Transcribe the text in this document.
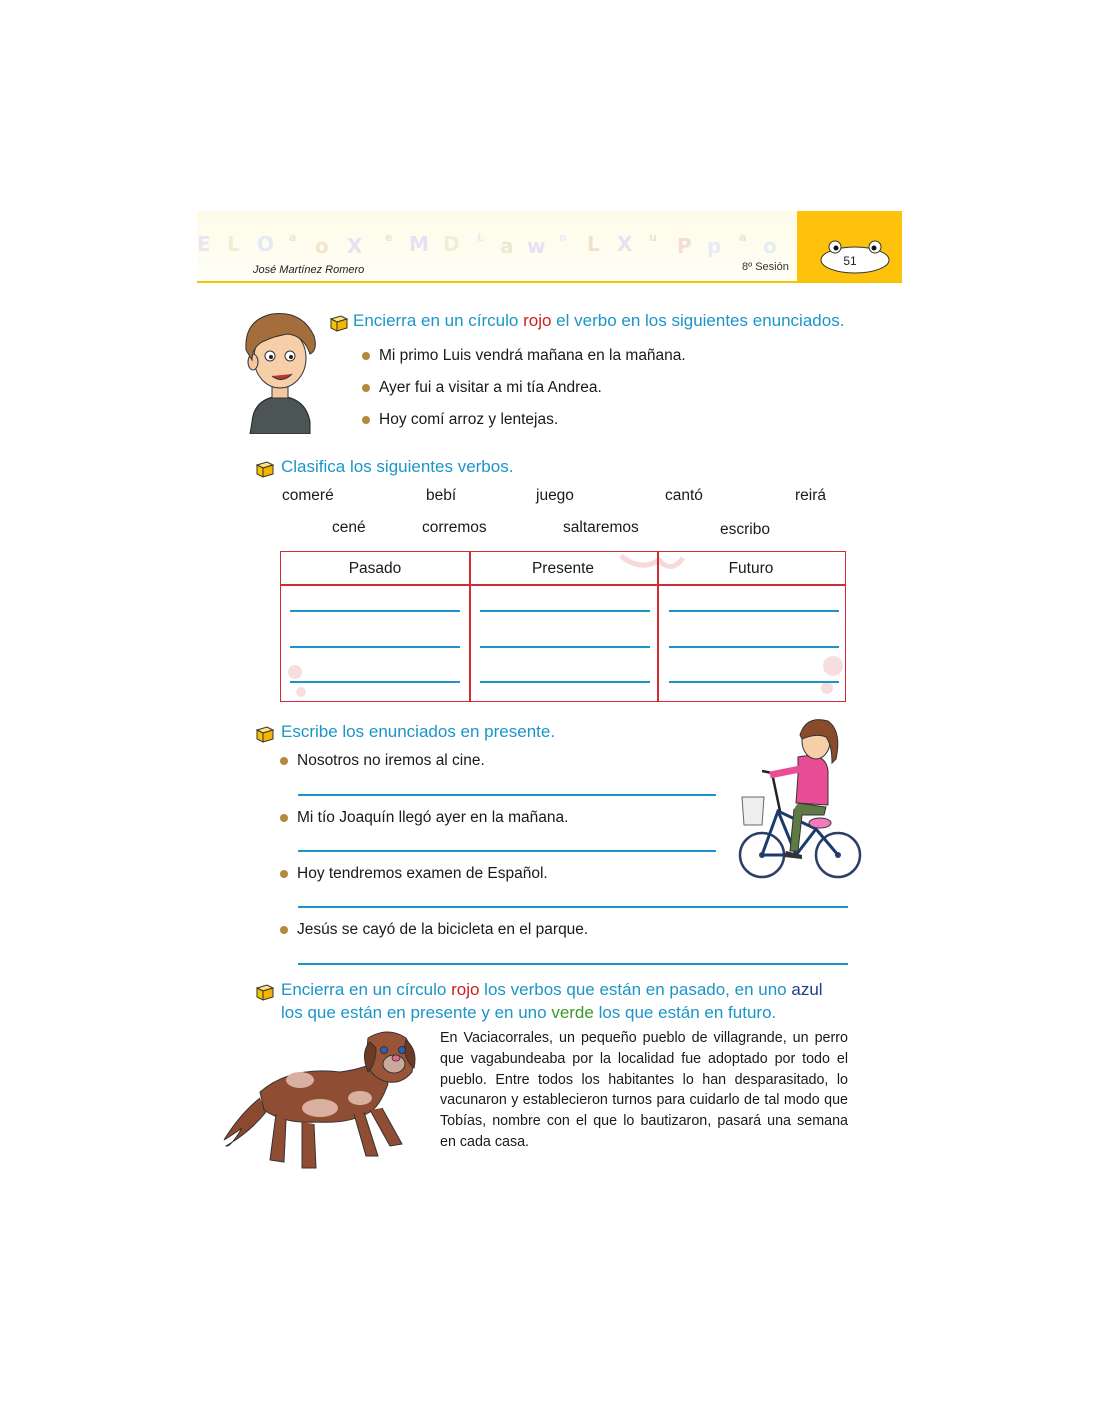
E L O a o X e M D L a w o L X u P p a o
José Martínez Romero	8º Sesión	51
Encierra en un círculo rojo el verbo en los siguientes enunciados.
Mi primo Luis vendrá mañana en la mañana.
Ayer fui a visitar a mi tía Andrea.
Hoy comí arroz y lentejas.
Clasifica los siguientes verbos.
comeré	bebí	juego	cantó	reirá
cené	corremos	saltaremos	escribo
Pasado	Presente	Futuro
Escribe los enunciados en presente.
Nosotros no iremos al cine.
Mi tío Joaquín llegó ayer en la mañana.
Hoy tendremos examen de Español.
Jesús se cayó de la bicicleta en el parque.
Encierra en un círculo rojo los verbos que están en pasado, en uno azul
los que están en presente y en uno verde los que están en futuro.
En Vaciacorrales, un pequeño pueblo de villagrande, un perro que vagabundeaba por la localidad fue adoptado por todo el pueblo. Entre todos los habitantes lo han desparasitado, lo vacunaron y establecieron turnos para cuidarlo de tal modo que Tobías, nombre con el que lo bautizaron, pasará una semana en cada casa.
